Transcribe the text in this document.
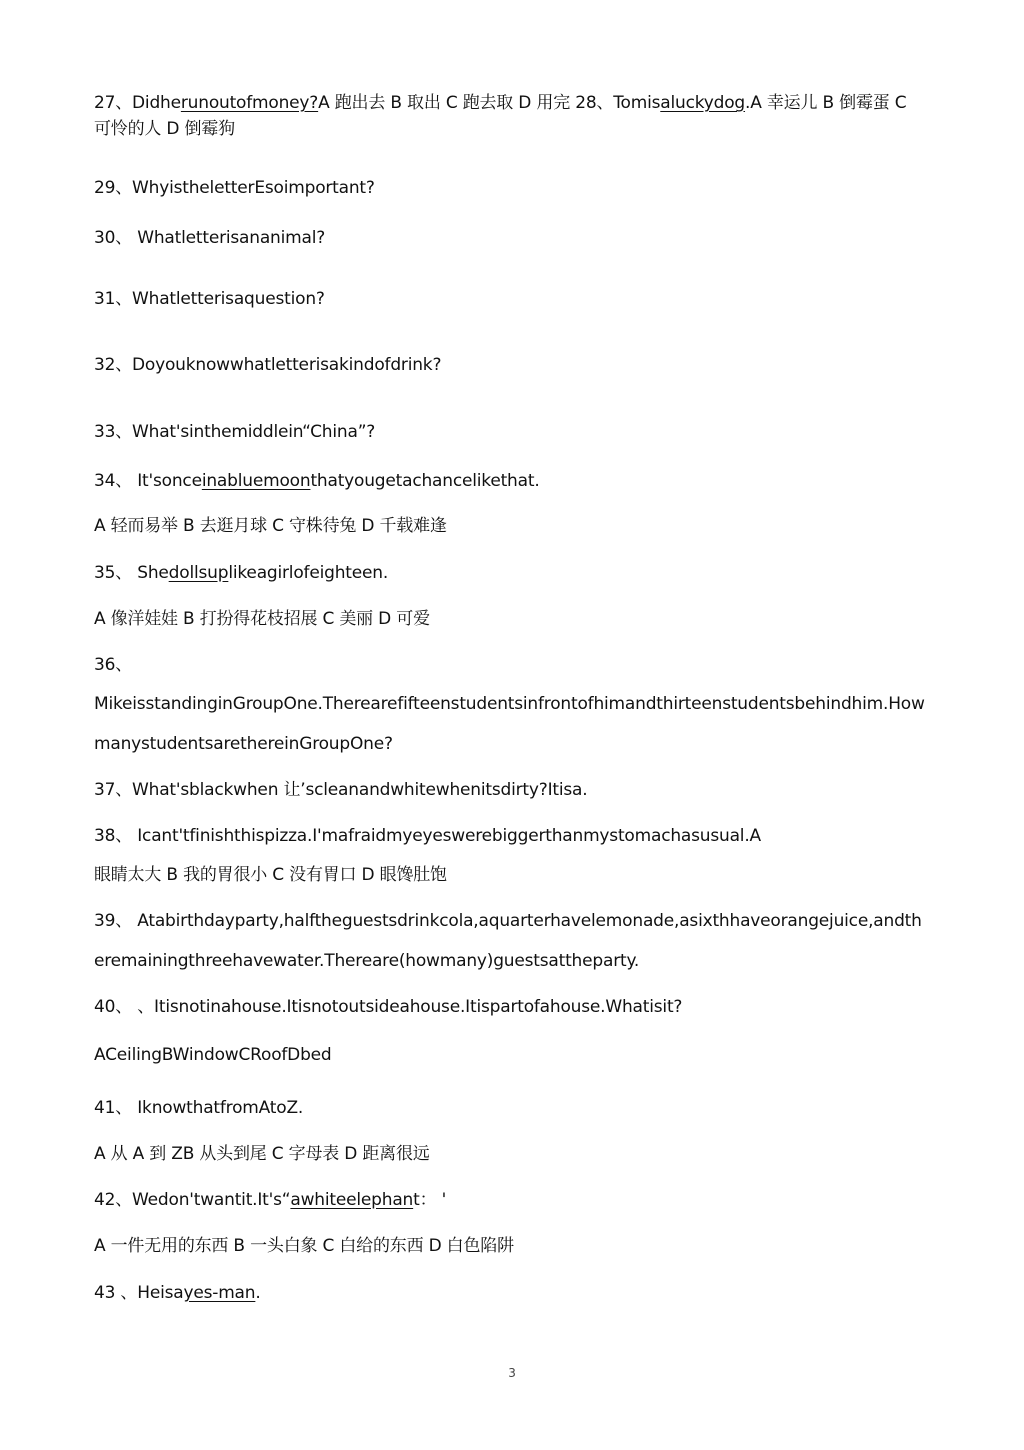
27、Didherunoutofmoney?A 跑出去 B 取出 C 跑去取 D 用完 28、Tomisaluckydog.A 幸运儿 B 倒霉蛋 C
可怜的人 D 倒霉狗
29、WhyistheletterEsoimportant?
30、 Whatletterisananimal?
31、Whatletterisaquestion?
32、Doyouknowwhatletterisakindofdrink?
33、What'sinthemiddlein“China”?
34、 It'sonceinabluemoonthatyougetachancelikethat.
A 轻而易举 B 去逛月球 C 守株待兔 D 千载难逢
35、 Shedollsuplikeagirlofeighteen.
A 像洋娃娃 B 打扮得花枝招展 C 美丽 D 可爱
36、
MikeisstandinginGroupOne.Therearefifteenstudentsinfrontofhimandthirteenstudentsbehindhim.How
manystudentsarethereinGroupOne?
37、What'sblackwhen 让’scleanandwhitewhenitsdirty?Itisa.
38、 Icant'tfinishthispizza.I'mafraidmyeyeswerebiggerthanmystomachasusual.A
眼睛太大 B 我的胃很小 C 没有胃口 D 眼馋肚饱
39、 Atabirthdayparty,halftheguestsdrinkcola,aquarterhavelemonade,asixthhaveorangejuice,andth
eremainingthreehavewater.Thereare(howmany)guestsattheparty.
40、 、Itisnotinahouse.Itisnotoutsideahouse.Itispartofahouse.Whatisit?
ACeilingBWindowCRoofDbed
41、 IknowthatfromAtoZ.
A 从 A 到 ZB 从头到尾 C 字母表 D 距离很远
42、Wedon'twantit.It's“awhiteelephant： '
A 一件无用的东西 B 一头白象 C 白给的东西 D 白色陷阱
43 、Heisayes-man.
3
